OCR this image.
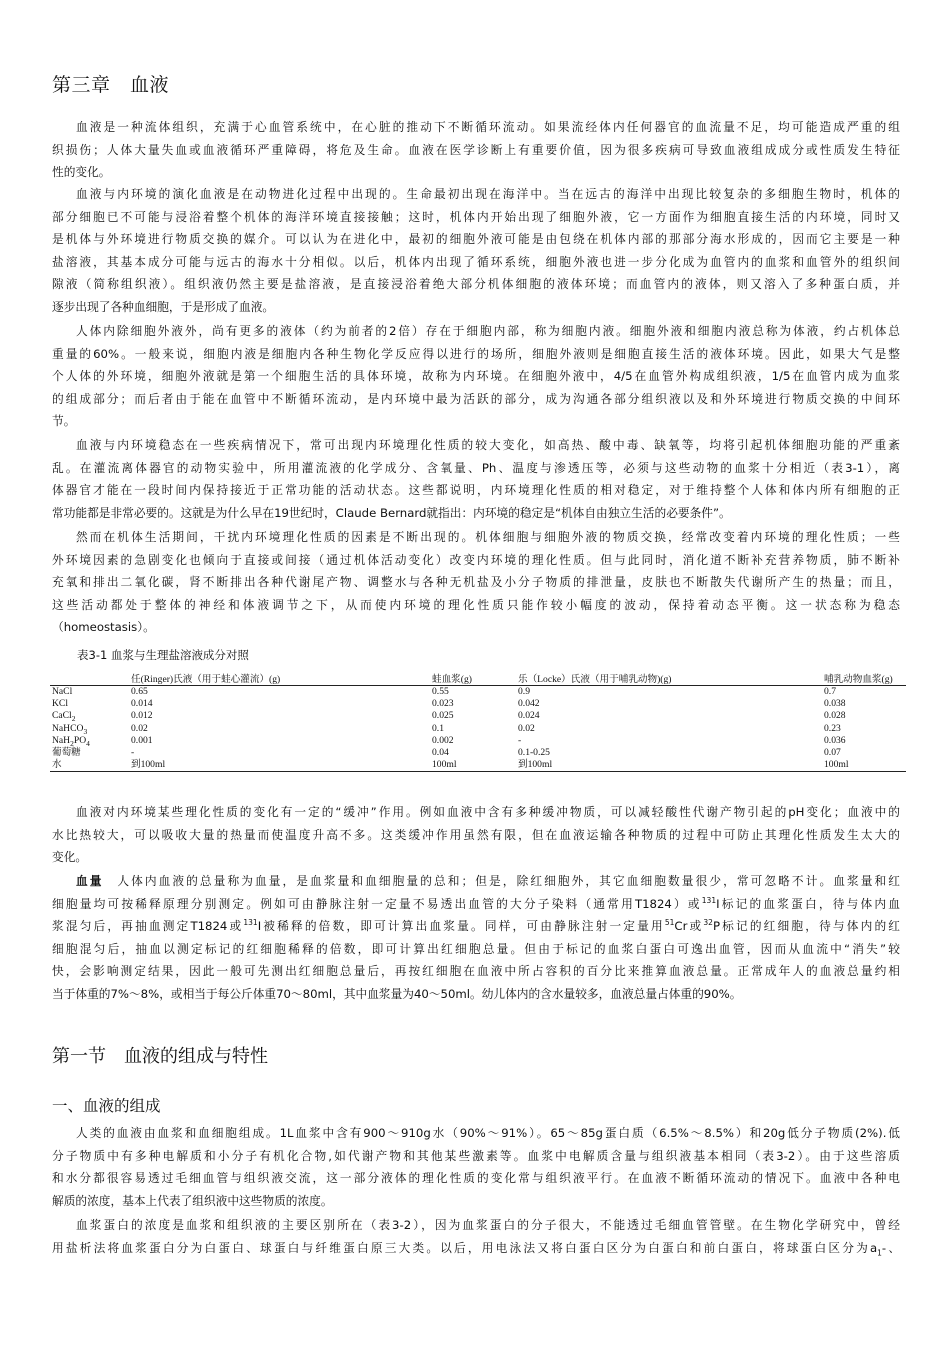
第三章　血液
血液是一种流体组织，充满于心血管系统中，在心脏的推动下不断循环流动。如果流经体内任何器官的血流量不足，均可能造成严重的组
织损伤；人体大量失血或血液循环严重障碍，将危及生命。血液在医学诊断上有重要价值，因为很多疾病可导致血液组成成分或性质发生特征
性的变化。
血液与内环境的演化血液是在动物进化过程中出现的。生命最初出现在海洋中。当在远古的海洋中出现比较复杂的多细胞生物时，机体的
部分细胞已不可能与浸浴着整个机体的海洋环境直接接触；这时，机体内开始出现了细胞外液，它一方面作为细胞直接生活的内环境，同时又
是机体与外环境进行物质交换的媒介。可以认为在进化中，最初的细胞外液可能是由包绕在机体内部的那部分海水形成的，因而它主要是一种
盐溶液，其基本成分可能与远古的海水十分相似。以后，机体内出现了循环系统，细胞外液也进一步分化成为血管内的血浆和血管外的组织间
隙液（简称组织液）。组织液仍然主要是盐溶液，是直接浸浴着绝大部分机体细胞的液体环境；而血管内的液体，则又溶入了多种蛋白质，并
逐步出现了各种血细胞，于是形成了血液。
人体内除细胞外液外，尚有更多的液体（约为前者的2倍）存在于细胞内部，称为细胞内液。细胞外液和细胞内液总称为体液，约占机体总
重量的60%。一般来说，细胞内液是细胞内各种生物化学反应得以进行的场所，细胞外液则是细胞直接生活的液体环境。因此，如果大气是整
个人体的外环境，细胞外液就是第一个细胞生活的具体环境，故称为内环境。在细胞外液中，4/5在血管外构成组织液，1/5在血管内成为血浆
的组成部分；而后者由于能在血管中不断循环流动，是内环境中最为活跃的部分，成为沟通各部分组织液以及和外环境进行物质交换的中间环
节。
血液与内环境稳态在一些疾病情况下，常可出现内环境理化性质的较大变化，如高热、酸中毒、缺氧等，均将引起机体细胞功能的严重紊
乱。在灌流离体器官的动物实验中，所用灌流液的化学成分、含氧量、Ph、温度与渗透压等，必须与这些动物的血浆十分相近（表3-1），离
体器官才能在一段时间内保持接近于正常功能的活动状态。这些都说明，内环境理化性质的相对稳定，对于维持整个人体和体内所有细胞的正
常功能都是非常必要的。这就是为什么早在19世纪时，Claude Bernard就指出：内环境的稳定是“机体自由独立生活的必要条件”。
然而在机体生活期间，干扰内环境理化性质的因素是不断出现的。机体细胞与细胞外液的物质交换，经常改变着内环境的理化性质；一些
外环境因素的急剧变化也倾向于直接或间接（通过机体活动变化）改变内环境的理化性质。但与此同时，消化道不断补充营养物质，肺不断补
充氧和排出二氧化碳，肾不断排出各种代谢尾产物、调整水与各种无机盐及小分子物质的排泄量，皮肤也不断散失代谢所产生的热量；而且，
这些活动都处于整体的神经和体液调节之下，从而使内环境的理化性质只能作较小幅度的波动，保持着动态平衡。这一状态称为稳态
（homeostasis）。
表3-1 血浆与生理盐溶液成分对照
	任(Ringer)氏液（用于蛙心灌流）(g)	蛙血浆(g)	乐（Locke）氏液（用于哺乳动物)(g)	哺乳动物血浆(g)
NaCl	0.65	0.55	0.9	0.7
KCl	0.014	0.023	0.042	0.038
CaCl$_2$	0.012	0.025	0.024	0.028
NaHCO$_3$	0.02	0.1	0.02	0.23
$NaH_2PO_4$	0.001	0.002	-	0.036
葡萄糖	-	0.04	0.1-0.25	0.07
水	到100ml	100ml	到100ml	100ml
血液对内环境某些理化性质的变化有一定的“缓冲”作用。例如血液中含有多种缓冲物质，可以减轻酸性代谢产物引起的pH变化；血液中的
水比热较大，可以吸收大量的热量而使温度升高不多。这类缓冲作用虽然有限，但在血液运输各种物质的过程中可防止其理化性质发生太大的
变化。
血量　人体内血液的总量称为血量，是血浆量和血细胞量的总和；但是，除红细胞外，其它血细胞数量很少，常可忽略不计。血浆量和红
细胞量均可按稀释原理分别测定。例如可由静脉注射一定量不易透出血管的大分子染料（通常用T1824）或$^{131}$I标记的血浆蛋白，待与体内血
浆混匀后，再抽血测定T1824或$^{131}$I被稀释的倍数，即可计算出血浆量。同样，可由静脉注射一定量用$^{51}$Cr或$^{32}$P标记的红细胞，待与体内的红
细胞混匀后，抽血以测定标记的红细胞稀释的倍数，即可计算出红细胞总量。但由于标记的血浆白蛋白可逸出血管，因而从血流中“消失”较
快，会影响测定结果，因此一般可先测出红细胞总量后，再按红细胞在血液中所占容积的百分比来推算血液总量。正常成年人的血液总量约相
当于体重的7%～8%，或相当于每公斤体重70～80ml，其中血浆量为40～50ml。幼儿体内的含水量较多，血液总量占体重的90%。
第一节　血液的组成与特性
一、血液的组成
人类的血液由血浆和血细胞组成。1L血浆中含有900～910g水（90%～91%）。65～85g蛋白质（6.5%～8.5%）和20g低分子物质(2%).低
分子物质中有多种电解质和小分子有机化合物,如代谢产物和其他某些激素等。血浆中电解质含量与组织液基本相同（表3-2）。由于这些溶质
和水分都很容易透过毛细血管与组织液交流，这一部分液体的理化性质的变化常与组织液平行。在血液不断循环流动的情况下。血液中各种电
解质的浓度，基本上代表了组织液中这些物质的浓度。
血浆蛋白的浓度是血浆和组织液的主要区别所在（表3-2），因为血浆蛋白的分子很大，不能透过毛细血管管壁。在生物化学研究中，曾经
用盐析法将血浆蛋白分为白蛋白、球蛋白与纤维蛋白原三大类。以后，用电泳法又将白蛋白区分为白蛋白和前白蛋白，将球蛋白区分为$a_1-$、
